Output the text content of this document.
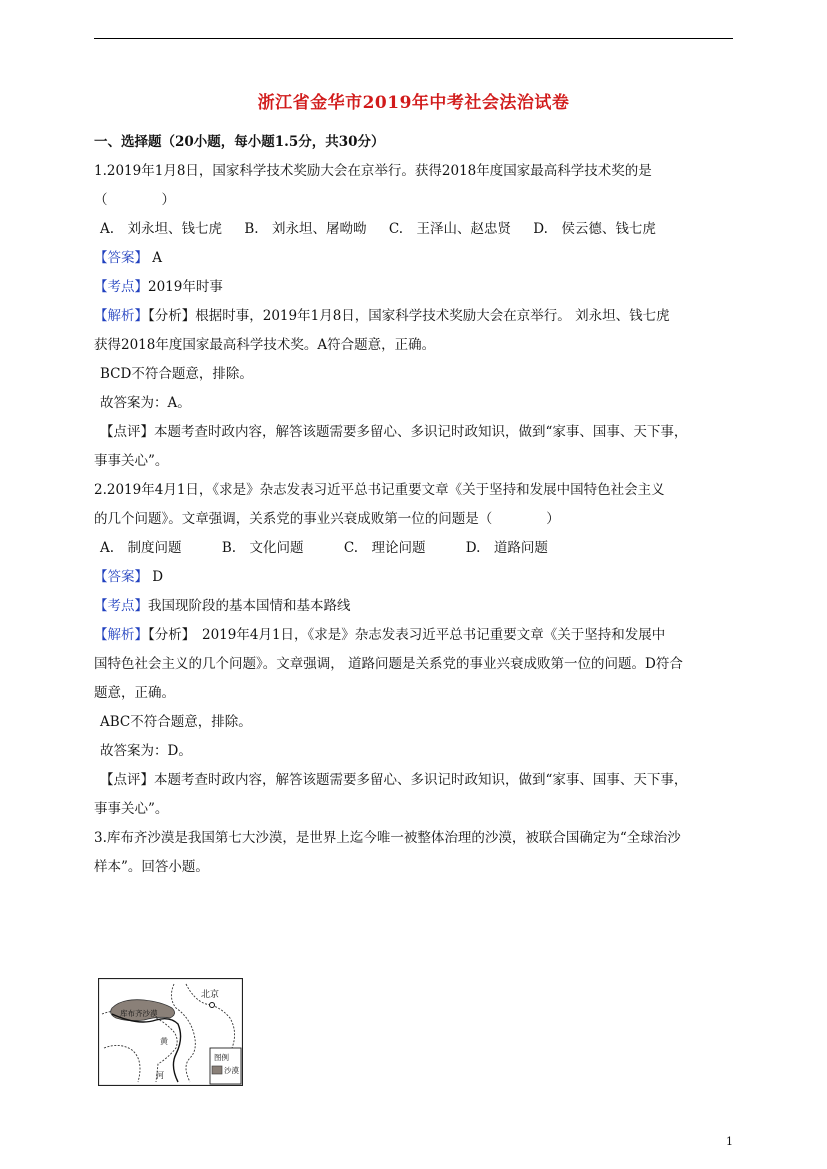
浙江省金华市2019年中考社会法治试卷
一、选择题（20小题，每小题1.5分，共30分）
1.2019年1月8日，国家科学技术奖励大会在京举行。获得2018年度国家最高科学技术奖的是
（　　　　）
A.　刘永坦、钱七虎 B.　刘永坦、屠呦呦 C.　王泽山、赵忠贤 D.　侯云德、钱七虎
【答案】 A
【考点】2019年时事
【解析】【分析】根据时事，2019年1月8日，国家科学技术奖励大会在京举行。 刘永坦、钱七虎
获得2018年度国家最高科学技术奖。A符合题意，正确。
BCD不符合题意，排除。
故答案为：A。
【点评】本题考查时政内容，解答该题需要多留心、多识记时政知识，做到“家事、国事、天下事，
事事关心”。
2.2019年4月1日，《求是》杂志发表习近平总书记重要文章《关于坚持和发展中国特色社会主义
的几个问题》。文章强调，关系党的事业兴衰成败第一位的问题是（　　　　）
A.　制度问题	B.　文化问题	C.　理论问题	D.　道路问题
【答案】 D
【考点】我国现阶段的基本国情和基本路线
【解析】【分析】　2019年4月1日，《求是》杂志发表习近平总书记重要文章《关于坚持和发展中
国特色社会主义的几个问题》。文章强调， 道路问题是关系党的事业兴衰成败第一位的问题。D符合
题意，正确。
ABC不符合题意，排除。
故答案为：D。
【点评】本题考查时政内容，解答该题需要多留心、多识记时政知识，做到“家事、国事、天下事，
事事关心”。
3.库布齐沙漠是我国第七大沙漠，是世界上迄今唯一被整体治理的沙漠，被联合国确定为“全球治沙
样本”。回答小题。
库布齐沙漠
北京
黄
河
图例
沙漠
1
